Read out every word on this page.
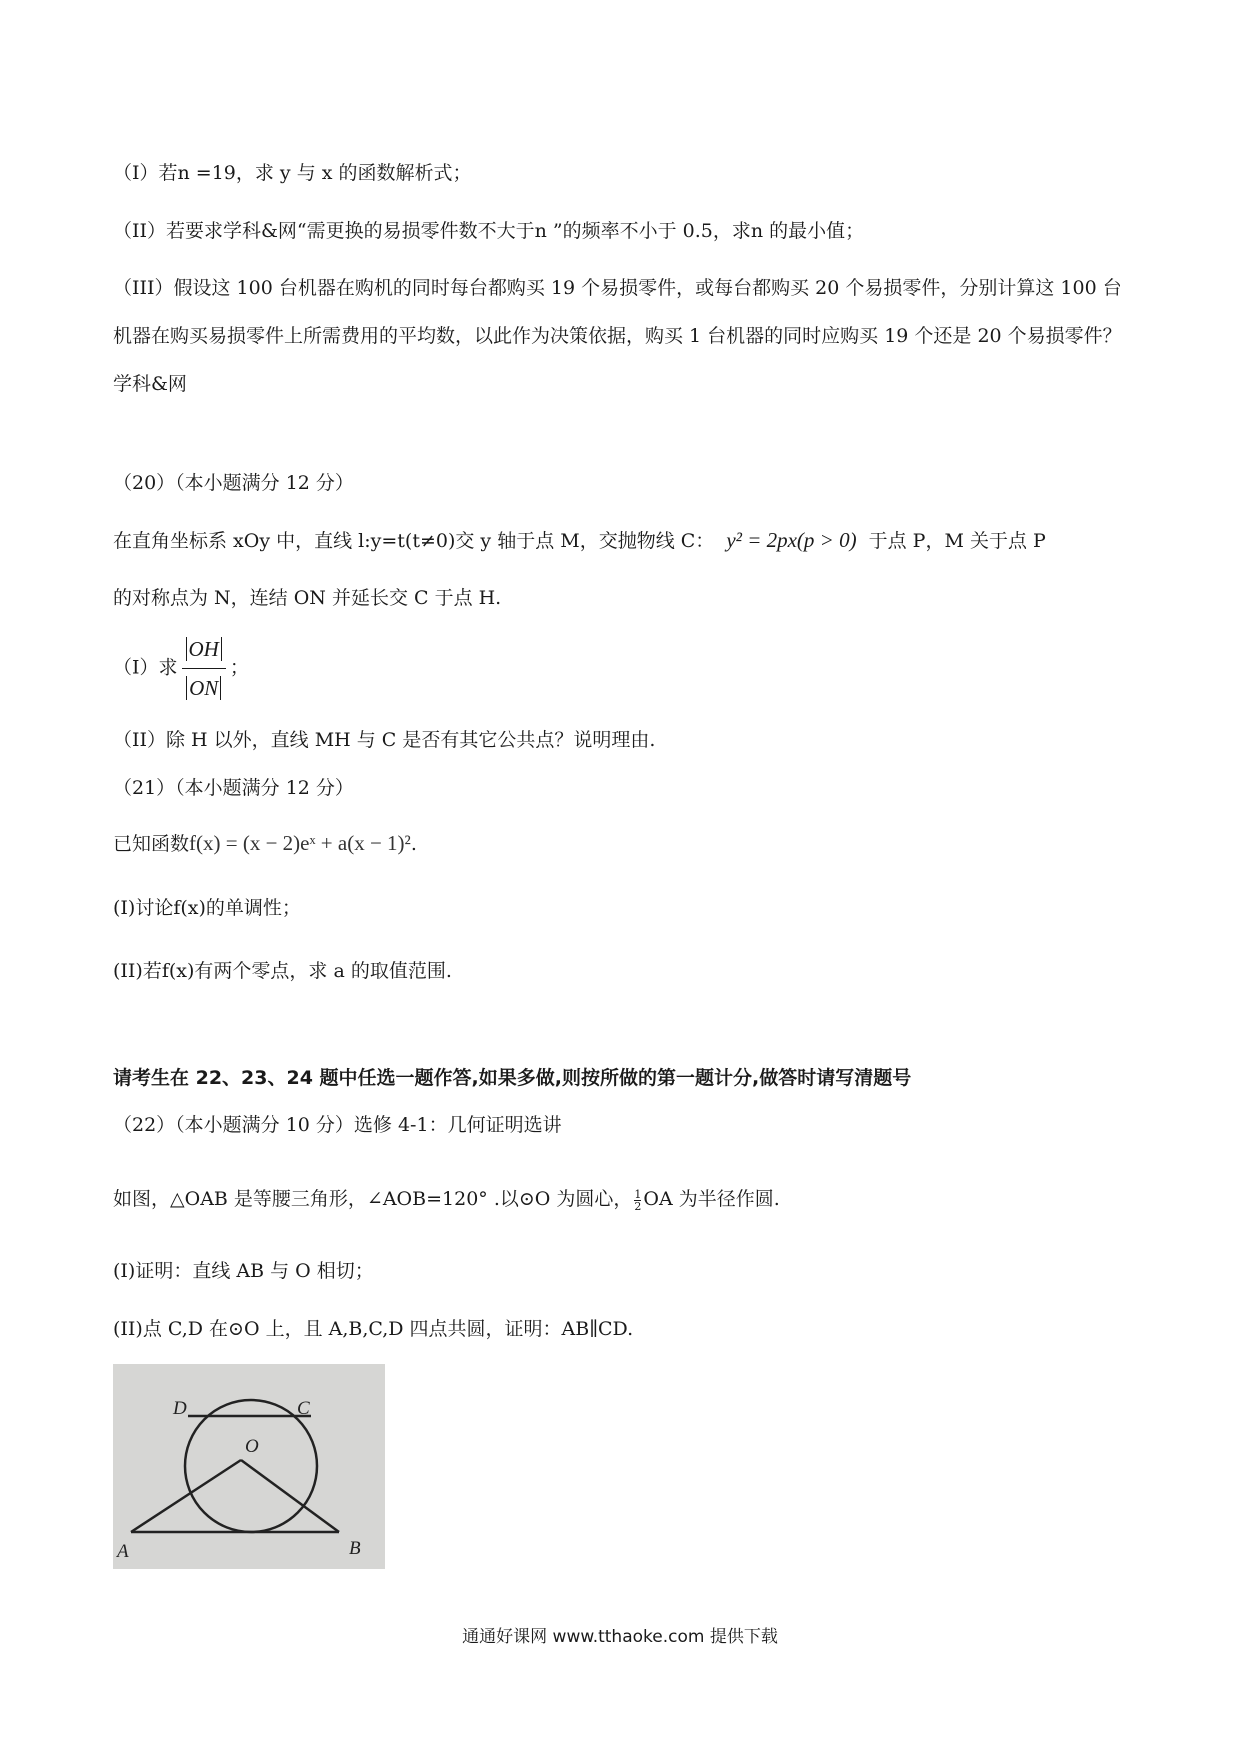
（I）若n =19，求 y 与 x 的函数解析式；
（II）若要求学科&网“需更换的易损零件数不大于n ”的频率不小于 0.5，求n 的最小值；
（III）假设这 100 台机器在购机的同时每台都购买 19 个易损零件，或每台都购买 20 个易损零件，分别计算这 100 台机器在购买易损零件上所需费用的平均数，以此作为决策依据，购买 1 台机器的同时应购买 19 个还是 20 个易损零件？学科&网
（20）（本小题满分 12 分）
在直角坐标系 xOy 中，直线 l:y=t(t≠0)交 y 轴于点 M，交抛物线 C： y² = 2px(p > 0) 于点 P，M 关于点 P
的对称点为 N，连结 ON 并延长交 C 于点 H.
（I）求 $\frac{OH}{ON}$ ；
（II）除 H 以外，直线 MH 与 C 是否有其它公共点？说明理由.
（21）（本小题满分 12 分）
已知函数f(x) = (x − 2)eˣ + a(x − 1)².
(I)讨论f(x)的单调性；
(II)若f(x)有两个零点，求 a 的取值范围.
请考生在 22、23、24 题中任选一题作答,如果多做,则按所做的第一题计分,做答时请写清题号
（22）（本小题满分 10 分）选修 4-1：几何证明选讲
如图，△OAB 是等腰三角形，∠AOB=120° .以⊙O 为圆心， $\frac{1}{2}$ OA 为半径作圆.
(I)证明：直线 AB 与 O 相切；
(II)点 C,D 在⊙O 上，且 A,B,C,D 四点共圆，证明：AB∥CD.
D	C
O
A	B
通通好课网 www.tthaoke.com 提供下载
